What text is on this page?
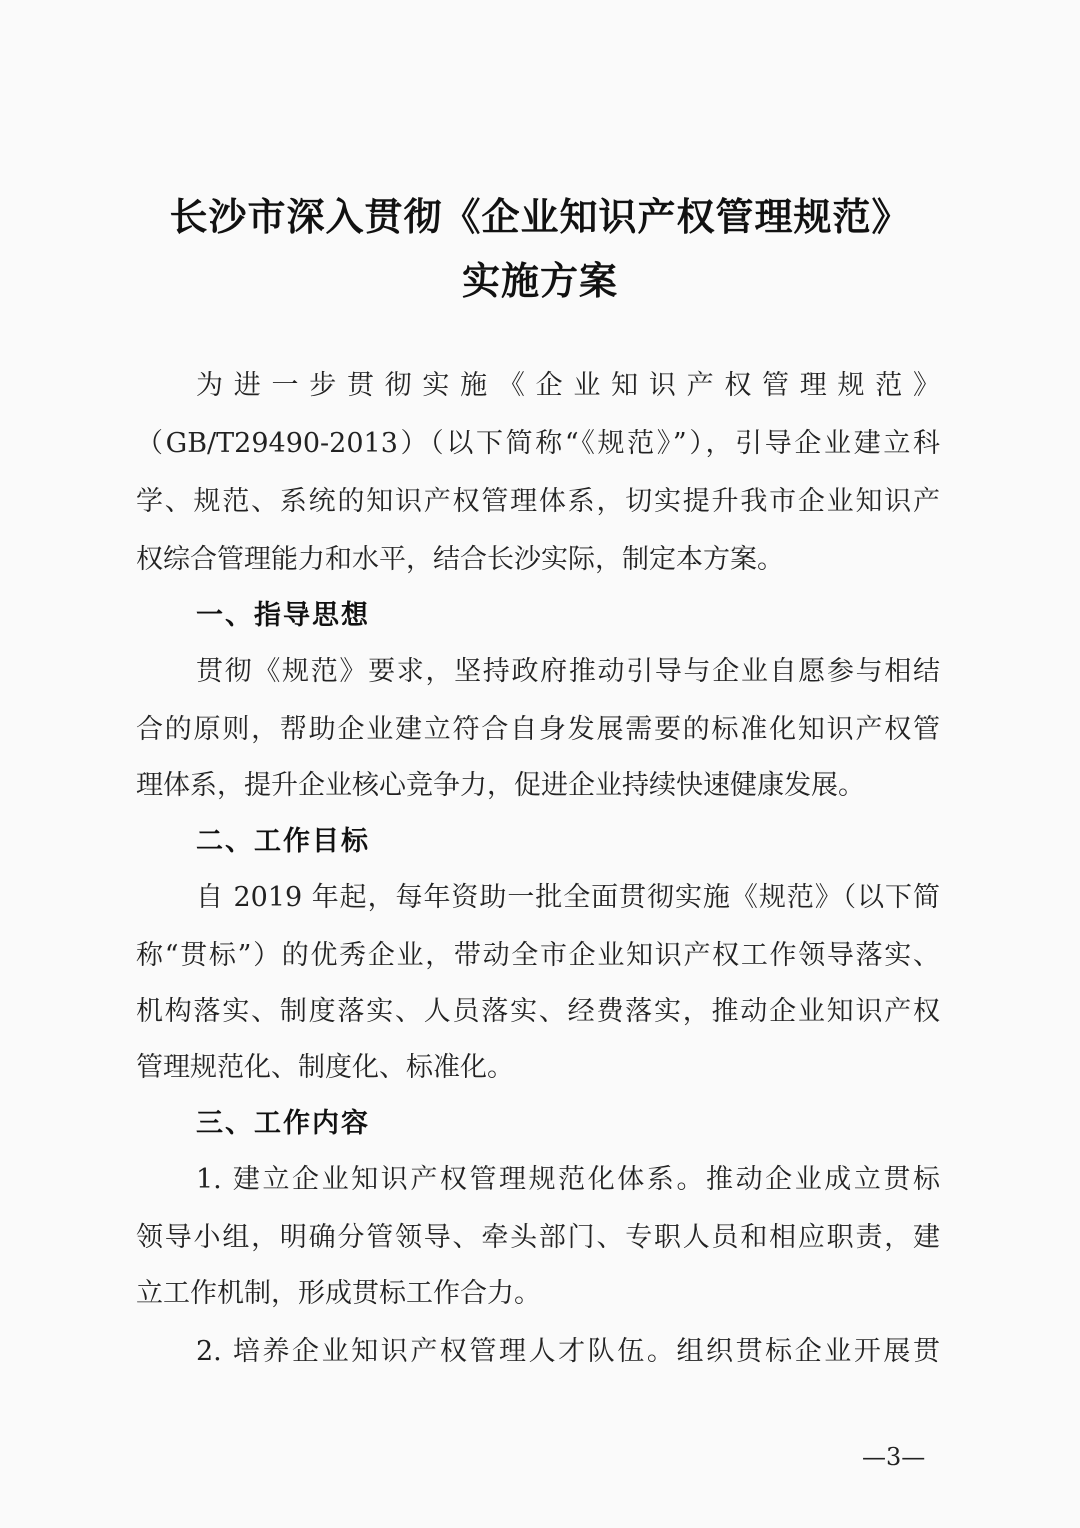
长沙市深入贯彻《企业知识产权管理规范》
实施方案
为进一步贯彻实施《企业知识产权管理规范》
（GB/T29490-2013）（以下简称“《规范》”），引导企业建立科
学、规范、系统的知识产权管理体系，切实提升我市企业知识产
权综合管理能力和水平，结合长沙实际，制定本方案。
一、指导思想
贯彻《规范》要求，坚持政府推动引导与企业自愿参与相结
合的原则，帮助企业建立符合自身发展需要的标准化知识产权管
理体系，提升企业核心竞争力，促进企业持续快速健康发展。
二、工作目标
自 2019 年起，每年资助一批全面贯彻实施《规范》（以下简
称“贯标”）的优秀企业，带动全市企业知识产权工作领导落实、
机构落实、制度落实、人员落实、经费落实，推动企业知识产权
管理规范化、制度化、标准化。
三、工作内容
1. 建立企业知识产权管理规范化体系。推动企业成立贯标
领导小组，明确分管领导、牵头部门、专职人员和相应职责，建
立工作机制，形成贯标工作合力。
2. 培养企业知识产权管理人才队伍。组织贯标企业开展贯
—3—
